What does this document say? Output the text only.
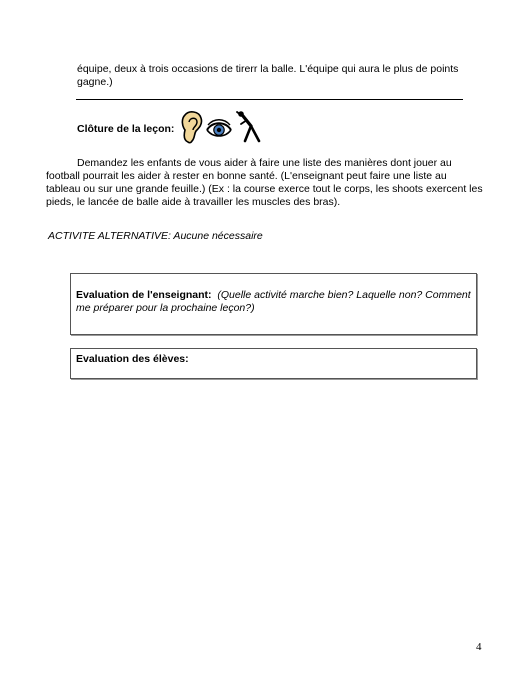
équipe, deux à trois occasions de tirerr la balle. L'équipe qui aura le plus de points
gagne.)
Clôture de la leçon:

Demandez les enfants de vous aider à faire une liste des manières dont jouer au football pourrait les aider à rester en bonne santé. (L'enseignant peut faire une liste au tableau ou sur une grande feuille.) (Ex : la course exerce tout le corps, les shoots exercent les pieds, le lancée de balle aide à travailler les muscles des bras).

ACTIVITE ALTERNATIVE: Aucune nécessaire
Evaluation de l'enseignant: (Quelle activité marche bien? Laquelle non? Comment me préparer pour la prochaine leçon?)
Evaluation des élèves:
4
